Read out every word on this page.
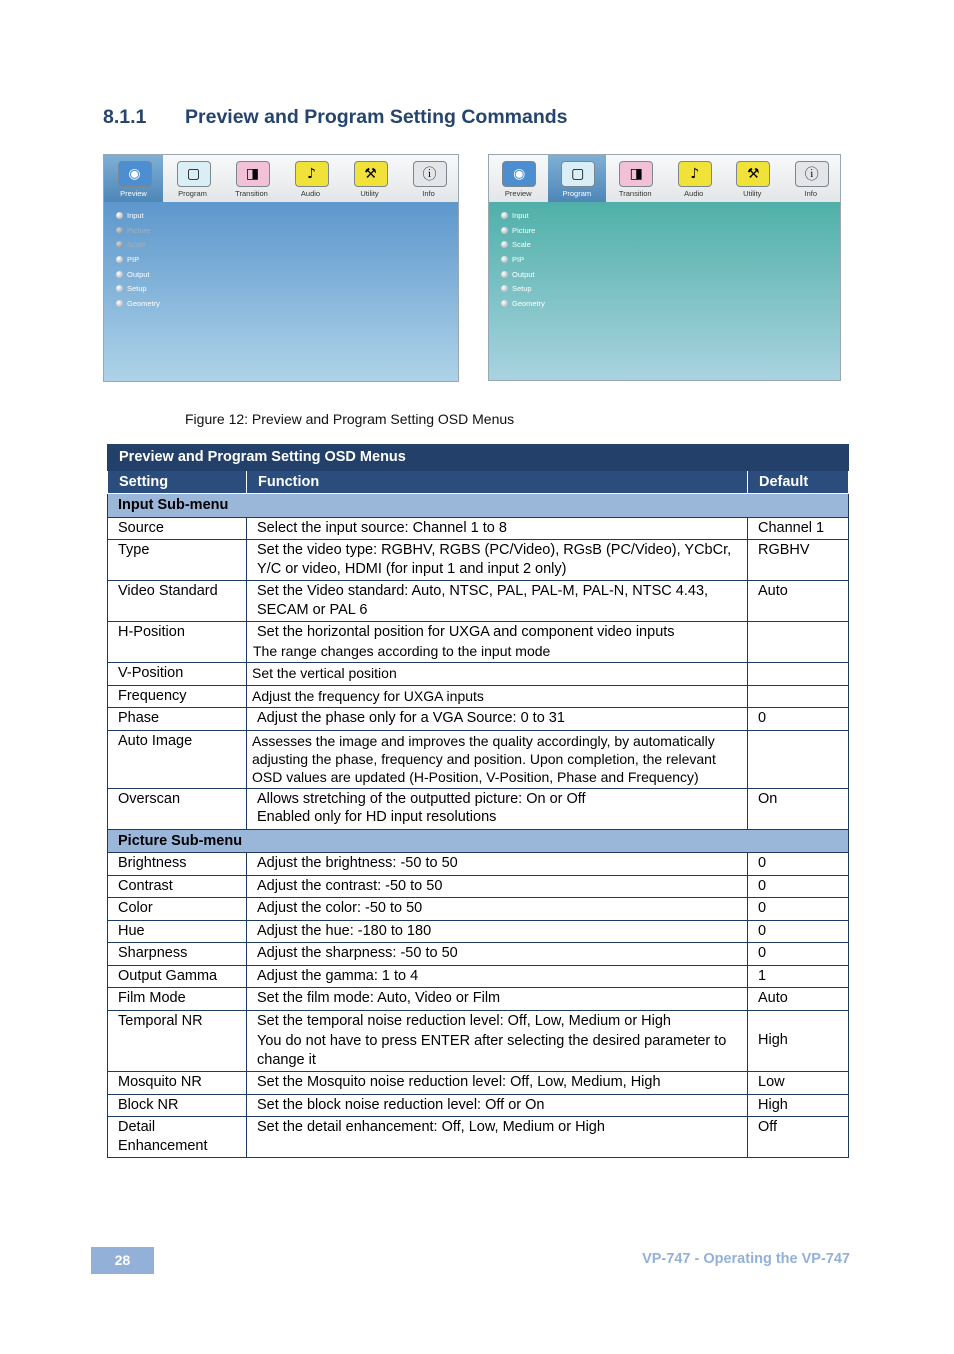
8.1.1 Preview and Program Setting Commands
◉
Preview
▢
Program
◨
Transition
♪
Audio
⚒
Utility
ⓘ
Info
Input
Picture
Scale
PIP
Output
Setup
Geometry
◉
Preview
▢
Program
◨
Transition
♪
Audio
⚒
Utility
ⓘ
Info
Input
Picture
Scale
PIP
Output
Setup
Geometry
Figure 12: Preview and Program Setting OSD Menus
Preview and Program Setting OSD Menus		
Setting	Function	Default
Input Sub-menu		
Source	Select the input source: Channel 1 to 8	Channel 1
Type	Set the video type: RGBHV, RGBS (PC/Video), RGsB (PC/Video), YCbCr, Y/C or video, HDMI (for input 1 and input 2 only)	RGBHV
Video Standard	Set the Video standard: Auto, NTSC, PAL, PAL-M, PAL-N, NTSC 4.43, SECAM or PAL 6	Auto
H-Position	Set the horizontal position for UXGA and component video inputs
The range changes according to the input mode	

V-Position	Set the vertical position	
Frequency	Adjust the frequency for UXGA inputs	
Phase	Adjust the phase only for a VGA Source: 0 to 31	0
Auto Image	Assesses the image and improves the quality accordingly, by automatically adjusting the phase, frequency and position. Upon completion, the relevant OSD values are updated (H-Position, V-Position, Phase and Frequency)	
Overscan	Allows stretching of the outputted picture: On or Off
Enabled only for HD input resolutions	On
Picture Sub-menu		
Brightness	Adjust the brightness: -50 to 50	0
Contrast	Adjust the contrast: -50 to 50	0
Color	Adjust the color: -50 to 50	0
Hue	Adjust the hue: -180 to 180	0
Sharpness	Adjust the sharpness: -50 to 50	0
Output Gamma	Adjust the gamma: 1 to 4	1
Film Mode	Set the film mode: Auto, Video or Film	Auto
Temporal NR	Set the temporal noise reduction level: Off, Low, Medium or High
You do not have to press ENTER after selecting the desired parameter to change it	High
Mosquito NR	Set the Mosquito noise reduction level: Off, Low, Medium, High	Low
Block NR	Set the block noise reduction level: Off or On	High
Detail Enhancement	Set the detail enhancement: Off, Low, Medium or High	Off
28	VP-747 - Operating the VP-747
